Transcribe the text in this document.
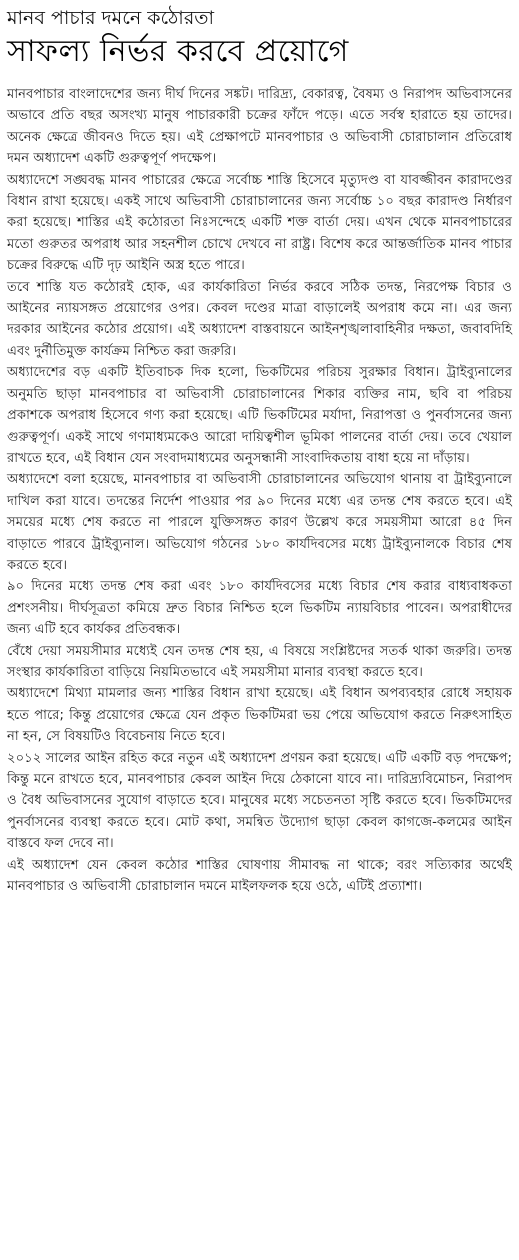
মানব পাচার দমনে কঠোরতা
সাফল্য নির্ভর করবে প্রয়োগে

মানবপাচার বাংলাদেশের জন্য দীর্ঘ দিনের সঙ্কট। দারিদ্র্য, বেকারত্ব, বৈষম্য ও নিরাপদ অভিবাসনের অভাবে প্রতি বছর অসংখ্য মানুষ পাচারকারী চক্রের ফাঁদে পড়ে। এতে সর্বস্ব হারাতে হয় তাদের। অনেক ক্ষেত্রে জীবনও দিতে হয়। এই প্রেক্ষাপটে মানবপাচার ও অভিবাসী চোরাচালান প্রতিরোধ দমন অধ্যাদেশ একটি গুরুত্বপূর্ণ পদক্ষেপ।

অধ্যাদেশে সঙ্ঘবদ্ধ মানব পাচারের ক্ষেত্রে সর্বোচ্চ শাস্তি হিসেবে মৃত্যুদণ্ড বা যাবজ্জীবন কারাদণ্ডের বিধান রাখা হয়েছে। একই সাথে অভিবাসী চোরাচালানের জন্য সর্বোচ্চ ১০ বছর কারাদণ্ড নির্ধারণ করা হয়েছে। শাস্তির এই কঠোরতা নিঃসন্দেহে একটি শক্ত বার্তা দেয়। এখন থেকে মানবপাচারের মতো গুরুতর অপরাধ আর সহনশীল চোখে দেখবে না রাষ্ট্র। বিশেষ করে আন্তর্জাতিক মানব পাচার চক্রের বিরুদ্ধে এটি দৃঢ় আইনি অস্ত্র হতে পারে।

তবে শাস্তি যত কঠোরই হোক, এর কার্যকারিতা নির্ভর করবে সঠিক তদন্ত, নিরপেক্ষ বিচার ও আইনের ন্যায়সঙ্গত প্রয়োগের ওপর। কেবল দণ্ডের মাত্রা বাড়ালেই অপরাধ কমে না। এর জন্য দরকার আইনের কঠোর প্রয়োগ। এই অধ্যাদেশ বাস্তবায়নে আইনশৃঙ্খলাবাহিনীর দক্ষতা, জবাবদিহি এবং দুর্নীতিমুক্ত কার্যক্রম নিশ্চিত করা জরুরি।

অধ্যাদেশের বড় একটি ইতিবাচক দিক হলো, ভিকটিমের পরিচয় সুরক্ষার বিধান। ট্রাইব্যুনালের অনুমতি ছাড়া মানবপাচার বা অভিবাসী চোরাচালানের শিকার ব্যক্তির নাম, ছবি বা পরিচয় প্রকাশকে অপরাধ হিসেবে গণ্য করা হয়েছে। এটি ভিকটিমের মর্যাদা, নিরাপত্তা ও পুনর্বাসনের জন্য গুরুত্বপূর্ণ। একই সাথে গণমাধ্যমকেও আরো দায়িত্বশীল ভূমিকা পালনের বার্তা দেয়। তবে খেয়াল রাখতে হবে, এই বিধান যেন সংবাদমাধ্যমের অনুসন্ধানী সাংবাদিকতায় বাধা হয়ে না দাঁড়ায়।

অধ্যাদেশে বলা হয়েছে, মানবপাচার বা অভিবাসী চোরাচালানের অভিযোগ থানায় বা ট্রাইব্যুনালে দাখিল করা যাবে। তদন্তের নির্দেশ পাওয়ার পর ৯০ দিনের মধ্যে এর তদন্ত শেষ করতে হবে। এই সময়ের মধ্যে শেষ করতে না পারলে যুক্তিসঙ্গত কারণ উল্লেখ করে সময়সীমা আরো ৪৫ দিন বাড়াতে পারবে ট্রাইব্যুনাল। অভিযোগ গঠনের ১৮০ কার্যদিবসের মধ্যে ট্রাইব্যুনালকে বিচার শেষ করতে হবে।

৯০ দিনের মধ্যে তদন্ত শেষ করা এবং ১৮০ কার্যদিবসের মধ্যে বিচার শেষ করার বাধ্যবাধকতা প্রশংসনীয়। দীর্ঘসূত্রতা কমিয়ে দ্রুত বিচার নিশ্চিত হলে ভিকটিম ন্যায়বিচার পাবেন। অপরাধীদের জন্য এটি হবে কার্যকর প্রতিবন্ধক।

বেঁধে দেয়া সময়সীমার মধ্যেই যেন তদন্ত শেষ হয়, এ বিষয়ে সংশ্লিষ্টদের সতর্ক থাকা জরুরি। তদন্ত সংস্থার কার্যকারিতা বাড়িয়ে নিয়মিতভাবে এই সময়সীমা মানার ব্যবস্থা করতে হবে।

অধ্যাদেশে মিথ্যা মামলার জন্য শাস্তির বিধান রাখা হয়েছে। এই বিধান অপব্যবহার রোধে সহায়ক হতে পারে; কিন্তু প্রয়োগের ক্ষেত্রে যেন প্রকৃত ভিকটিমরা ভয় পেয়ে অভিযোগ করতে নিরুৎসাহিত না হন, সে বিষয়টিও বিবেচনায় নিতে হবে।

২০১২ সালের আইন রহিত করে নতুন এই অধ্যাদেশ প্রণয়ন করা হয়েছে। এটি একটি বড় পদক্ষেপ; কিন্তু মনে রাখতে হবে, মানবপাচার কেবল আইন দিয়ে ঠেকানো যাবে না। দারিদ্র্যবিমোচন, নিরাপদ ও বৈধ অভিবাসনের সুযোগ বাড়াতে হবে। মানুষের মধ্যে সচেতনতা সৃষ্টি করতে হবে। ভিকটিমদের পুনর্বাসনের ব্যবস্থা করতে হবে। মোট কথা, সমন্বিত উদ্যোগ ছাড়া কেবল কাগজে-কলমের আইন বাস্তবে ফল দেবে না।

এই অধ্যাদেশ যেন কেবল কঠোর শাস্তির ঘোষণায় সীমাবদ্ধ না থাকে; বরং সত্যিকার অর্থেই মানবপাচার ও অভিবাসী চোরাচালান দমনে মাইলফলক হয়ে ওঠে, এটিই প্রত্যাশা।
